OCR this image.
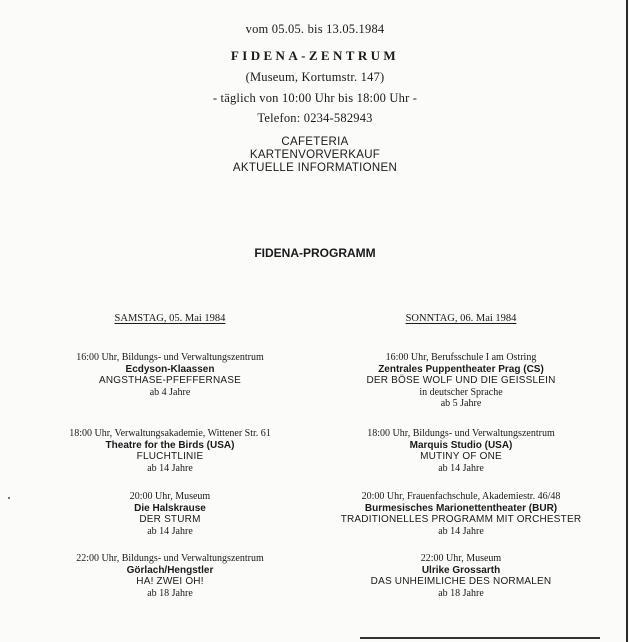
vom 05.05. bis 13.05.1984
FIDENA-ZENTRUM
(Museum, Kortumstr. 147)
- täglich von 10:00 Uhr bis 18:00 Uhr -
Telefon: 0234-582943
CAFETERIA
KARTENVORVERKAUF
AKTUELLE INFORMATIONEN
FIDENA-PROGRAMM
SAMSTAG, 05. Mai 1984
16:00 Uhr, Bildungs- und Verwaltungszentrum
Ecdyson-Klaassen
ANGSTHASE-PFEFFERNASE
ab 4 Jahre
18:00 Uhr, Verwaltungsakademie, Wittener Str. 61
Theatre for the Birds (USA)
FLUCHTLINIE
ab 14 Jahre
20:00 Uhr, Museum
Die Halskrause
DER STURM
ab 14 Jahre
22:00 Uhr, Bildungs- und Verwaltungszentrum
Görlach/Hengstler
HA! ZWEI OH!
ab 18 Jahre
SONNTAG, 06. Mai 1984
16:00 Uhr, Berufsschule I am Ostring
Zentrales Puppentheater Prag (CS)
DER BÖSE WOLF UND DIE GEISSLEIN
in deutscher Sprache
ab 5 Jahre
18:00 Uhr, Bildungs- und Verwaltungszentrum
Marquis Studio (USA)
MUTINY OF ONE
ab 14 Jahre
20:00 Uhr, Frauenfachschule, Akademiestr. 46/48
Burmesisches Marionettentheater (BUR)
TRADITIONELLES PROGRAMM MIT ORCHESTER
ab 14 Jahre
22:00 Uhr, Museum
Ulrike Grossarth
DAS UNHEIMLICHE DES NORMALEN
ab 18 Jahre
